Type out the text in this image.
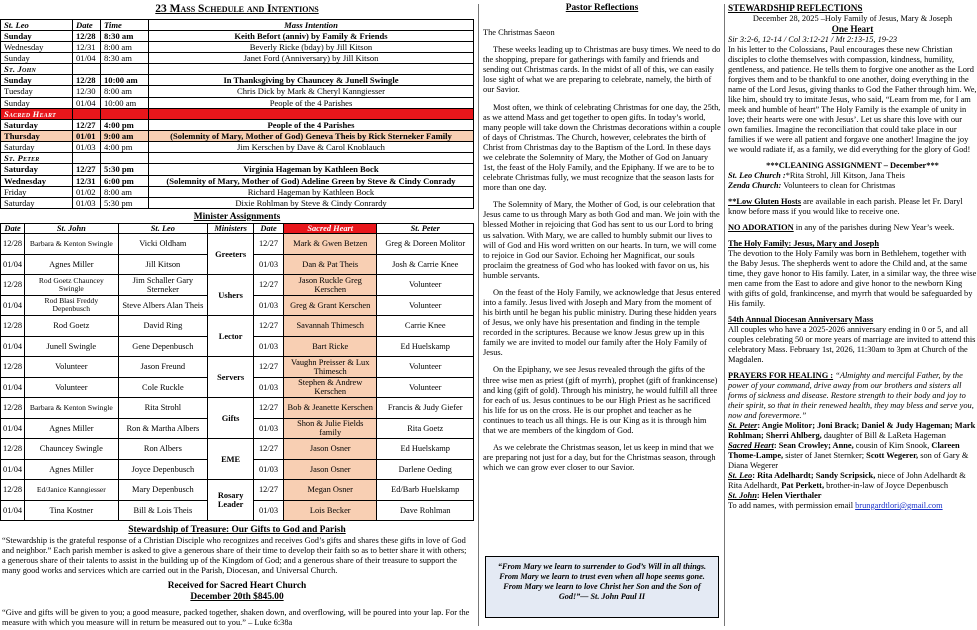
23 Mass Schedule and Intentions
St. Leo	Date	Time	Mass Intention
Sunday	12/28	8:30 am	Keith Befort (anniv) by Family & Friends
Wednesday	12/31	8:00 am	Beverly Ricke (bday) by Jill Kitson
Sunday	01/04	8:30 am	Janet Ford (Anniversary) by Jill Kitson
St. John			
Sunday	12/28	10:00 am	In Thanksgiving by Chauncey & Junell Swingle
Tuesday	12/30	8:00 am	Chris Dick by Mark & Cheryl Kanngiesser
Sunday	01/04	10:00 am	People of the 4 Parishes
Sacred Heart			
Saturday	12/27	4:00 pm	People of the 4 Parishes
Thursday	01/01	9:00 am	(Solemnity of Mary, Mother of God) Geneva Theis by Rick Sterneker Family
Saturday	01/03	4:00 pm	Jim Kerschen by Dave & Carol Knoblauch
St. Peter			
Saturday	12/27	5:30 pm	Virginia Hageman by Kathleen Bock
Wednesday	12/31	6:00 pm	(Solemnity of Mary, Mother of God) Adeline Green by Steve & Cindy Conrady
Friday	01/02	8:00 am	Richard Hageman by Kathleen Bock
Saturday	01/03	5:30 pm	Dixie Rohlman by Steve & Cindy Conrardy
Minister Assignments
Date	St. John	St. Leo	Ministers	Date	Sacred Heart	St. Peter
12/28	Barbara & Kenton Swingle	Vicki Oldham	Greeters	12/27	Mark & Gwen Betzen	Greg & Doreen Molitor
01/04	Agnes Miller	Jill Kitson		01/03	Dan & Pat Theis	Josh & Carrie Knee
12/28	Rod Goetz Chauncey Swingle	Jim Schaller Gary Sterneker	Ushers	12/27	Jason Ruckle Greg Kerschen	Volunteer
01/04	Rod Blasi Freddy Depenbusch	Steve Albers Alan Theis		01/03	Greg & Grant Kerschen	Volunteer
12/28	Rod Goetz	David Ring	Lector	12/27	Savannah Thimesch	Carrie Knee
01/04	Junell Swingle	Gene Depenbusch		01/03	Bart Ricke	Ed Huelskamp
12/28	Volunteer	Jason Freund	Servers	12/27	Vaughn Preisser & Lux Thimesch	Volunteer
01/04	Volunteer	Cole Ruckle		01/03	Stephen & Andrew Kerschen	Volunteer
12/28	Barbara & Kenton Swingle	Rita Strohl	Gifts	12/27	Bob & Jeanette Kerschen	Francis & Judy Giefer
01/04	Agnes Miller	Ron & Martha Albers		01/03	Shon & Julie Fields family	Rita Goetz
12/28	Chauncey Swingle	Ron Albers	EME	12/27	Jason Osner	Ed Huelskamp
01/04	Agnes Miller	Joyce Depenbusch		01/03	Jason Osner	Darlene Oeding
12/28	Ed/Janice Kanngiesser	Mary Depenbusch	Rosary Leader	12/27	Megan Osner	Ed/Barb Huelskamp
01/04	Tina Kostner	Bill & Lois Theis		01/03	Lois Becker	Dave Rohlman
Stewardship of Treasure: Our Gifts to God and Parish
“Stewardship is the grateful response of a Christian Disciple who recognizes and receives God’s gifts and shares these gifts in love of God and neighbor.” Each parish member is asked to give a generous share of their time to develop their faith so as to better share it with others; a generous share of their talents to assist in the building up of the Kingdom of God; and a generous share of their treasure to support the many good works and services which are carried out in the Parish, Diocesan, and Universal Church.
Received for Sacred Heart Church
December 20th $845.00
“Give and gifts will be given to you; a good measure, packed together, shaken down, and overflowing, will be poured into your lap. For the measure with which you measure will in return be measured out to you.” – Luke 6:38a
Pastor Reflections
The Christmas Saeon
These weeks leading up to Christmas are busy times. We need to do the shopping, prepare for gatherings with family and friends and sending out Christmas cards. In the midst of all of this, we can easily lose sight of what we are preparing to celebrate, namely, the birth of our Savior.
Most often, we think of celebrating Christmas for one day, the 25th, as we attend Mass and get together to open gifts. In today’s world, many people will take down the Christmas decorations within a couple of days of Christmas. The Church, however, celebrates the birth of Christ from Christmas day to the Baptism of the Lord. In these days we celebrate the Solemnity of Mary, the Mother of God on January 1st, the feast of the Holy Family, and the Epiphany. If we are to be to celebrate Christmas fully, we must recognize that the season lasts for more than one day.
The Solemnity of Mary, the Mother of God, is our celebration that Jesus came to us through Mary as both God and man. We join with the blessed Mother in rejoicing that God has sent to us our Lord to bring us salvation. With Mary, we are called to humbly submit our lives to will of God and His word written on our hearts. In turn, we will come to rejoice in God our Savior. Echoing her Magnificat, our souls proclaim the greatness of God who has looked with favor on us, his humble servants.
On the feast of the Holy Family, we acknowledge that Jesus entered into a family. Jesus lived with Joseph and Mary from the moment of his birth until he began his public ministry. During these hidden years of Jesus, we only have his presentation and finding in the temple recorded in the scriptures. Because we know Jesus grew up in this family we are invited to model our family after the Holy Family of Jesus.
On the Epiphany, we see Jesus revealed through the gifts of the three wise men as priest (gift of myrrh), prophet (gift of frankincense) and king (gift of gold). Through his ministry, he would fulfill all three for each of us. Jesus continues to be our High Priest as he sacrificed his life for us on the cross. He is our prophet and teacher as he continues to teach us all things. He is our King as it is through him that we are members of the kingdom of God.
As we celebrate the Christmas season, let us keep in mind that we are preparing not just for a day, but for the Christmas season, through which we can grow ever closer to our Savior.
“From Mary we learn to surrender to God’s Will in all things. From Mary we learn to trust even when all hope seems gone. From Mary we learn to love Christ her Son and the Son of God!”— St. John Paul II
STEWARDSHIP REFLECTIONS
December 28, 2025 –Holy Family of Jesus, Mary & Joseph
One Heart
Sir 3:2-6, 12-14 / Col 3:12-21 / Mt 2:13-15, 19-23
In his letter to the Colossians, Paul encourages these new Christian disciples to clothe themselves with compassion, kindness, humility, gentleness, and patience. He tells them to forgive one another as the Lord forgives them and to be thankful to one another, doing everything in the name of the Lord Jesus, giving thanks to God the Father through him. We, like him, should try to imitate Jesus, who said, “Learn from me, for I am meek and humble of heart” The Holy Family is the example of unity in love; their hearts were one with Jesus’. Let us share this love with our own families. Imagine the reconciliation that could take place in our families if we were all patient and forgave one another! Imagine the joy we would radiate if, as a family, we did everything for the glory of God!
***CLEANING ASSIGNMENT – December***
St. Leo Church :*Rita Strohl, Jill Kitson, Jana Theis
Zenda Church: Volunteers to clean for Christmas
**Low Gluten Hosts are available in each parish. Please let Fr. Daryl know before mass if you would like to receive one.
NO ADORATION in any of the parishes during New Year’s week.
The Holy Family: Jesus, Mary and Joseph
The devotion to the Holy Family was born in Bethlehem, together with the Baby Jesus. The shepherds went to adore the Child and, at the same time, they gave honor to His family. Later, in a similar way, the three wise men came from the East to adore and give honor to the newborn King with gifts of gold, frankincense, and myrrh that would be safeguarded by His family.
54th Annual Diocesan Anniversary Mass
All couples who have a 2025-2026 anniversary ending in 0 or 5, and all couples celebrating 50 or more years of marriage are invited to attend this celebratory Mass. February 1st, 2026, 11:30am to 3pm at Church of the Magdalen.
PRAYERS FOR HEALING : “Almighty and merciful Father, by the power of your command, drive away from our brothers and sisters all forms of sickness and disease. Restore strength to their body and joy to their spirit, so that in their renewed health, they may bless and serve you, now and forevermore.”
St. Peter: Angie Molitor; Joni Brack; Daniel & Judy Hageman; Mark Rohlman; Sherri Ahlberg, daughter of Bill & LaReta Hageman
Sacred Heart: Sean Crowley; Anne, cousin of Kim Snook, Clareen Thome-Lampe, sister of Janet Sternker; Scott Wegerer, son of Gary & Diana Wegerer
St. Leo: Rita Adelhardt; Sandy Scripsick, niece of John Adelhardt & Rita Adelhardt, Pat Perkett, brother-in-law of Joyce Depenbusch
St. John: Helen Vierthaler
To add names, with permission email brungardtlori@gmail.com
